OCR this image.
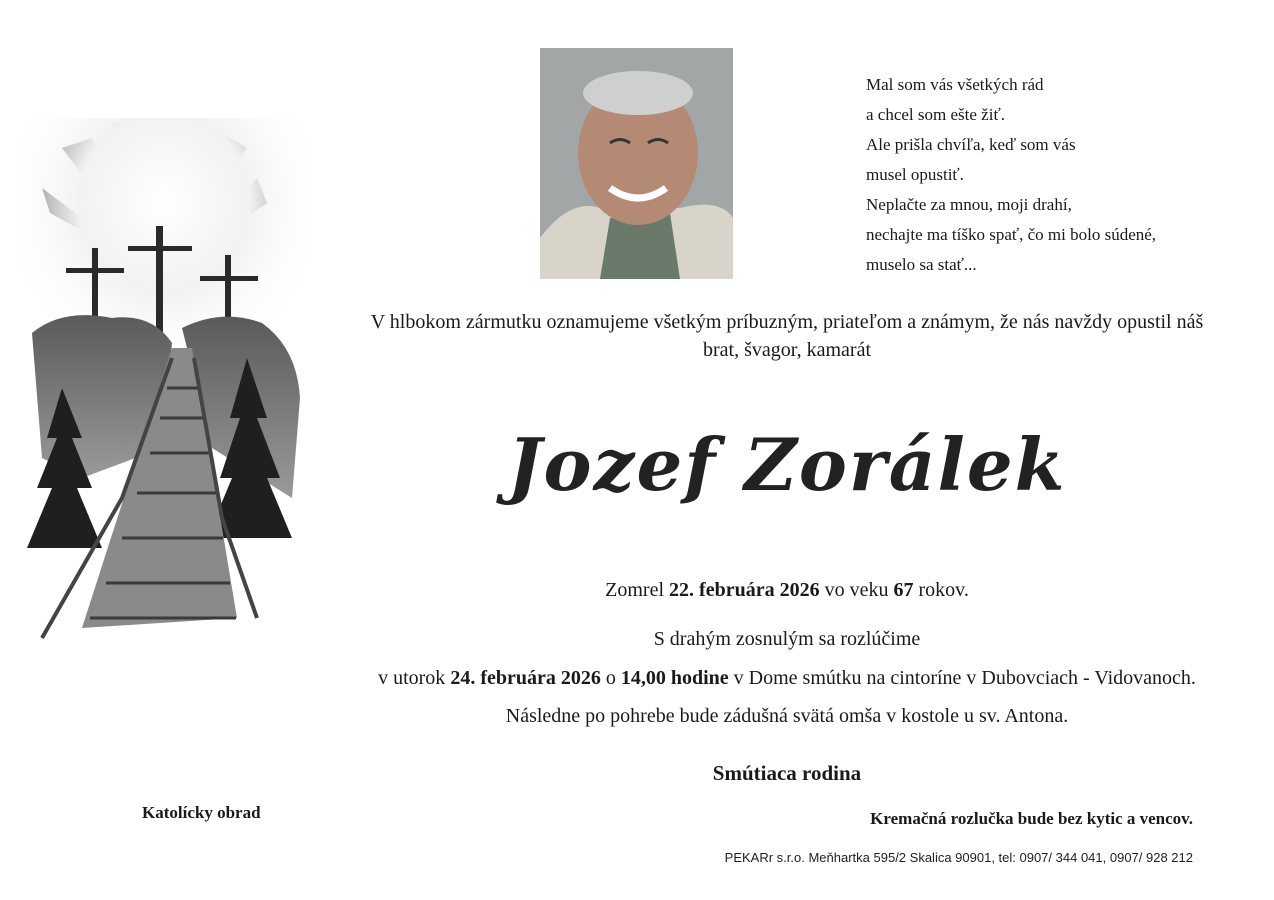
Mal som vás všetkých rád
a chcel som ešte žiť.
Ale prišla chvíľa, keď som vás
musel opustiť.
Neplačte za mnou, moji drahí,
nechajte ma tíško spať, čo mi bolo súdené,
muselo sa stať...
V hlbokom zármutku oznamujeme všetkým príbuzným, priateľom a známym, že nás navždy opustil náš
brat, švagor, kamarát
Jozef Zorálek
Zomrel 22. februára 2026 vo veku 67 rokov.
S drahým zosnulým sa rozlúčime
v utorok 24. februára 2026 o 14,00 hodine v Dome smútku na cintoríne v Dubovciach - Vidovanoch.
Následne po pohrebe bude zádušná svätá omša v kostole u sv. Antona.
Smútiaca rodina
Katolícky obrad	Kremačná rozlučka bude bez kytic a vencov.
PEKARr s.r.o. Meňhartka 595/2 Skalica 90901, tel: 0907/ 344 041, 0907/ 928 212
